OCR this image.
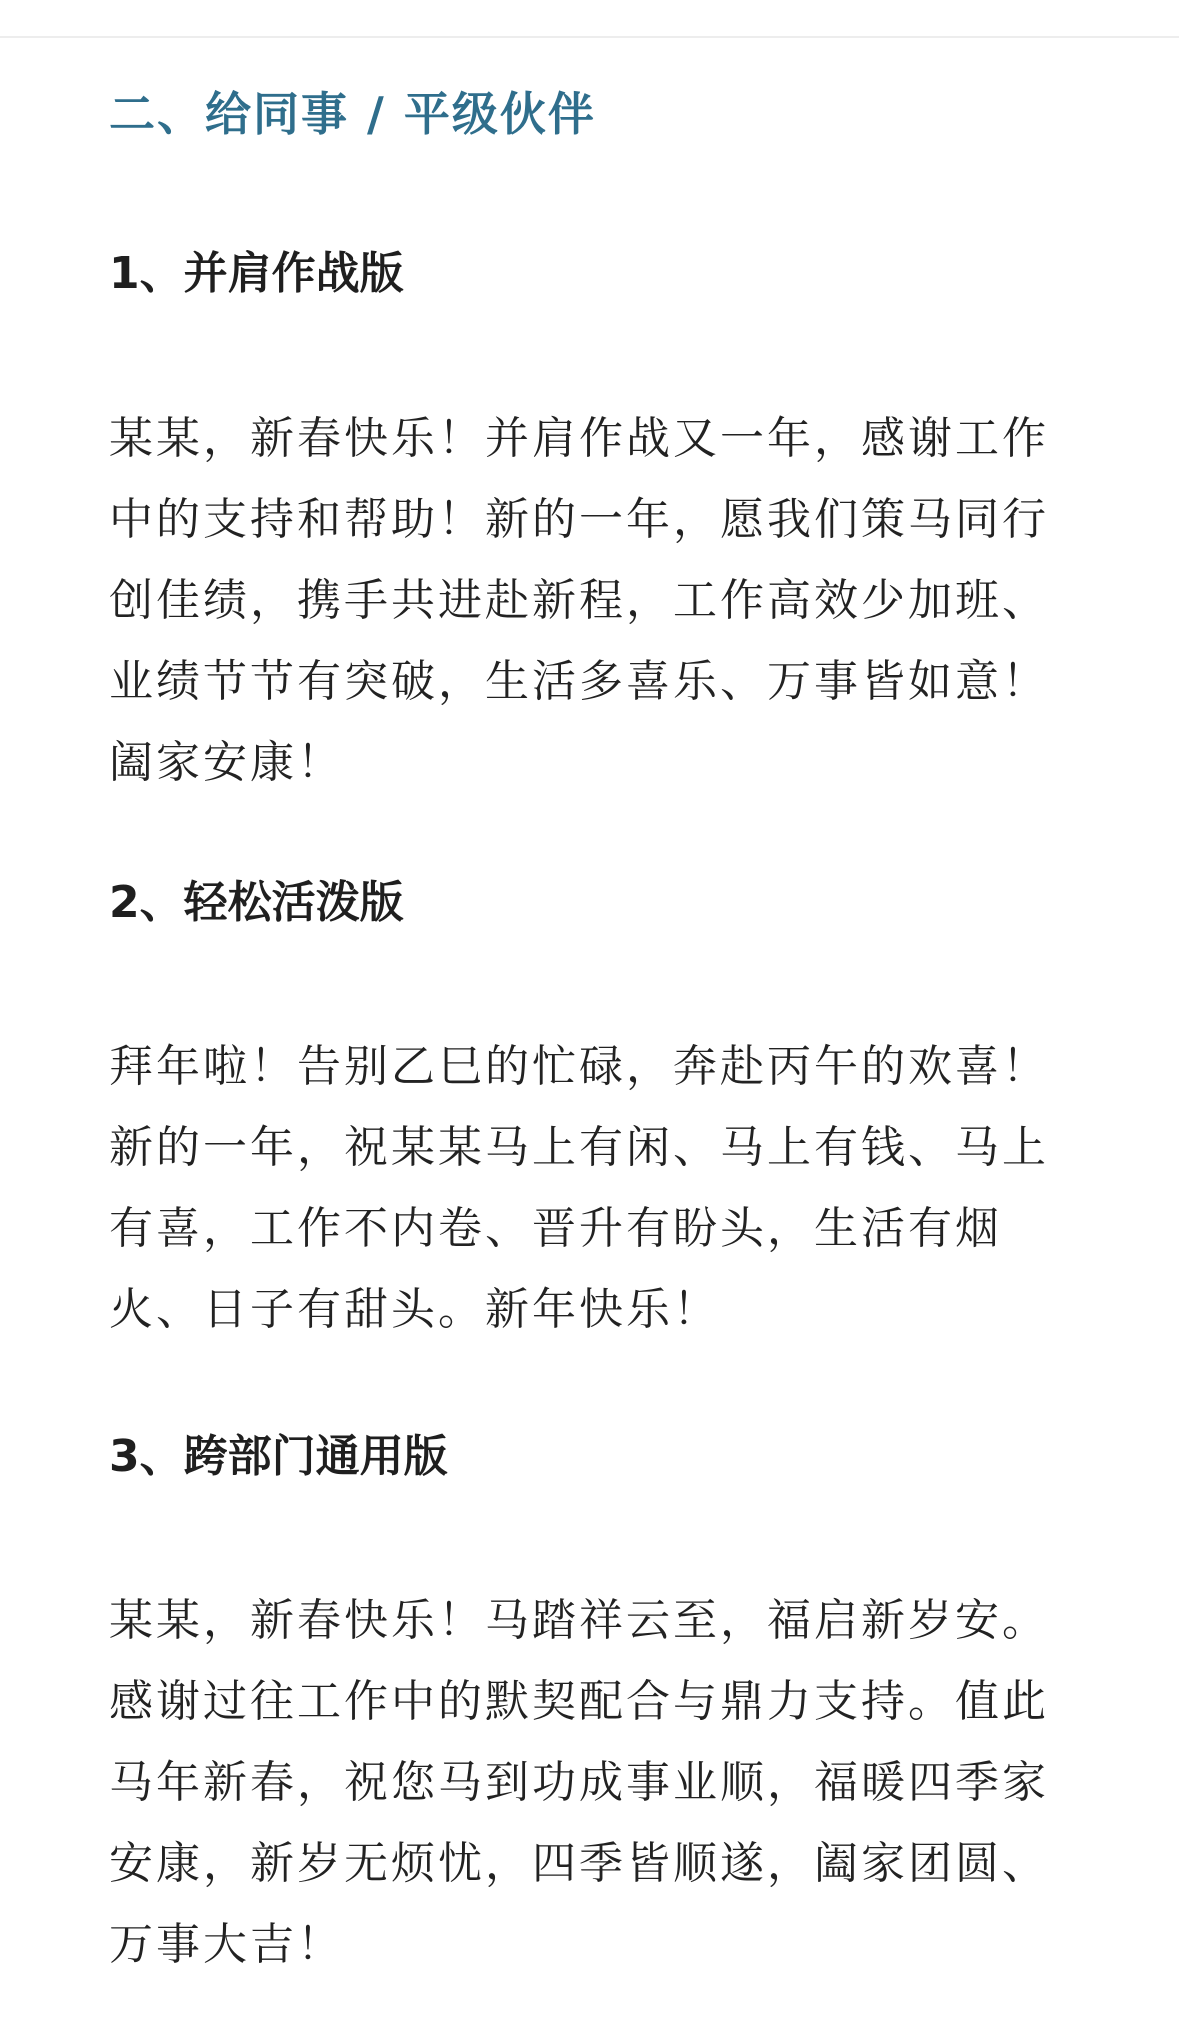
二、给同事 / 平级伙伴
1、并肩作战版

某某，新春快乐！并肩作战又一年，感谢工作中的支持和帮助！新的一年，愿我们策马同行创佳绩，携手共进赴新程，工作高效少加班、业绩节节有突破，生活多喜乐、万事皆如意！阖家安康！

2、轻松活泼版

拜年啦！告别乙巳的忙碌，奔赴丙午的欢喜！新的一年，祝某某马上有闲、马上有钱、马上有喜，工作不内卷、晋升有盼头，生活有烟火、日子有甜头。新年快乐！

3、跨部门通用版

某某，新春快乐！马踏祥云至，福启新岁安。感谢过往工作中的默契配合与鼎力支持。值此马年新春，祝您马到功成事业顺，福暖四季家安康，新岁无烦忧，四季皆顺遂，阖家团圆、万事大吉！
